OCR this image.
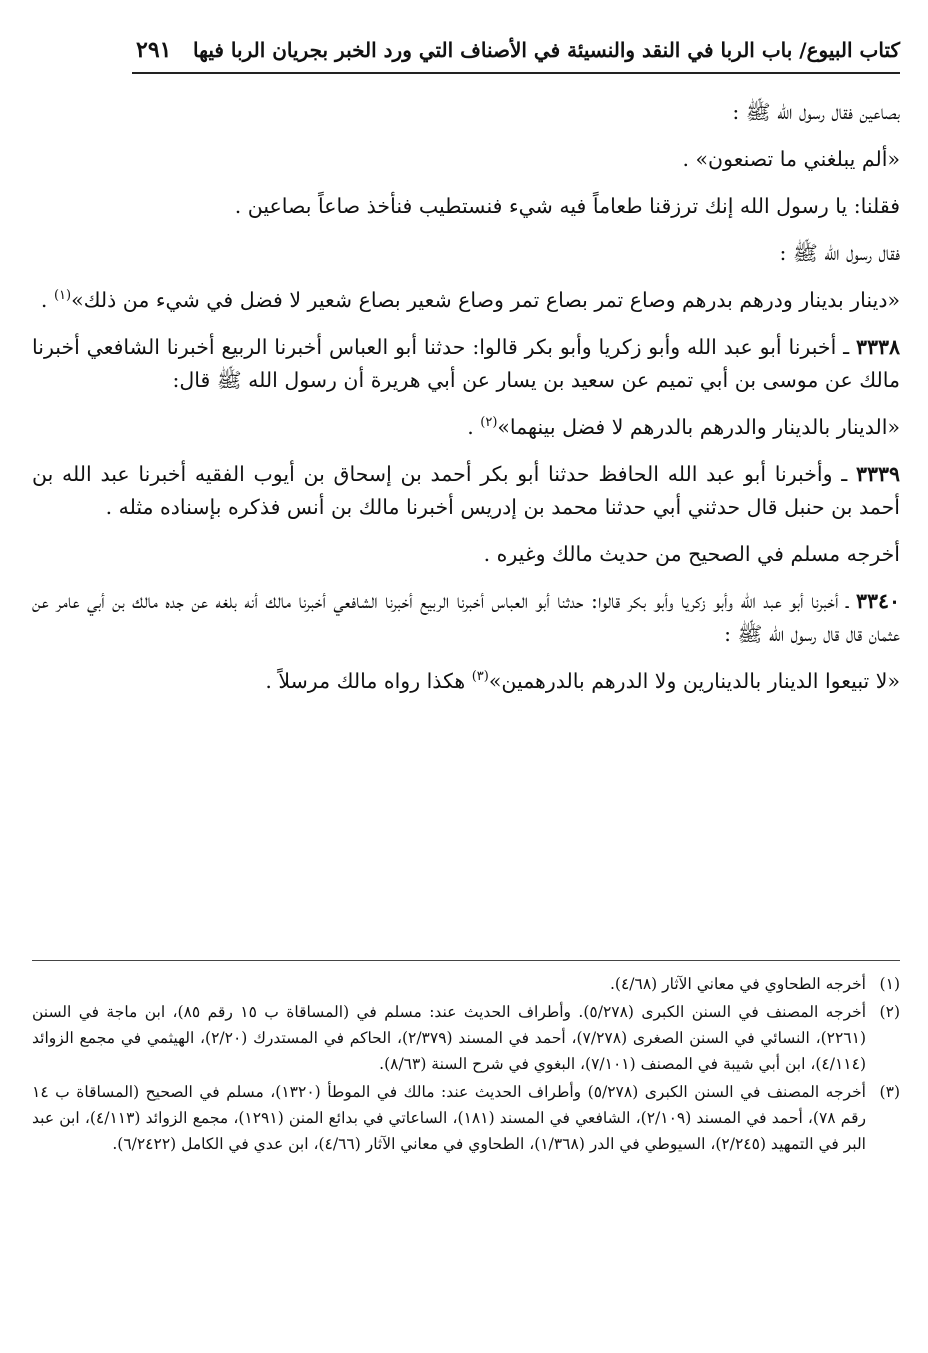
كتاب البيوع/ باب الربا في النقد والنسيئة في الأصناف التي ورد الخبر بجريان الربا فيها
٢٩١

بصاعين فقال رسول الله ﷺ :

«ألم يبلغني ما تصنعون» .

فقلنا: يا رسول الله إنك ترزقنا طعاماً فيه شيء فنستطيب فنأخذ صاعاً بصاعين .

فقال رسول الله ﷺ :

«دينار بدينار ودرهم بدرهم وصاع تمر بصاع تمر وصاع شعير بصاع شعير لا فضل في شيء من ذلك»$^{(١)}$ .

٣٣٣٨ ـ أخبرنا أبو عبد الله وأبو زكريا وأبو بكر قالوا: حدثنا أبو العباس أخبرنا الربيع أخبرنا الشافعي أخبرنا مالك عن موسى بن أبي تميم عن سعيد بن يسار عن أبي هريرة أن رسول الله ﷺ قال:

«الدينار بالدينار والدرهم بالدرهم لا فضل بينهما»$^{(٢)}$ .

٣٣٣٩ ـ وأخبرنا أبو عبد الله الحافظ حدثنا أبو بكر أحمد بن إسحاق بن أيوب الفقيه أخبرنا عبد الله بن أحمد بن حنبل قال حدثني أبي حدثنا محمد بن إدريس أخبرنا مالك بن أنس فذكره بإسناده مثله .

أخرجه مسلم في الصحيح من حديث مالك وغيره .

٣٣٤٠ ـ أخبرنا أبو عبد الله وأبو زكريا وأبو بكر قالوا: حدثنا أبو العباس أخبرنا الربيع أخبرنا الشافعي أخبرنا مالك أنه بلغه عن جده مالك بن أبي عامر عن عثمان قال قال رسول الله ﷺ :

«لا تبيعوا الدينار بالدينارين ولا الدرهم بالدرهمين»$^{(٣)}$ هكذا رواه مالك مرسلاً .

(١)
أخرجه الطحاوي في معاني الآثار (٤/٦٨).
(٢)
أخرجه المصنف في السنن الكبرى (٥/٢٧٨). وأطراف الحديث عند: مسلم في (المساقاة ب ١٥ رقم ٨٥)، ابن ماجة في السنن (٢٢٦١)، النسائي في السنن الصغرى (٧/٢٧٨)، أحمد في المسند (٢/٣٧٩)، الحاكم في المستدرك (٢/٢٠)، الهيثمي في مجمع الزوائد (٤/١١٤)، ابن أبي شيبة في المصنف (٧/١٠١)، البغوي في شرح السنة (٨/٦٣).
(٣)
أخرجه المصنف في السنن الكبرى (٥/٢٧٨) وأطراف الحديث عند: مالك في الموطأ (١٣٢٠)، مسلم في الصحيح (المساقاة ب ١٤ رقم ٧٨)، أحمد في المسند (٢/١٠٩)، الشافعي في المسند (١٨١)، الساعاتي في بدائع المنن (١٢٩١)، مجمع الزوائد (٤/١١٣)، ابن عبد البر في التمهيد (٢/٢٤٥)، السيوطي في الدر (١/٣٦٨)، الطحاوي في معاني الآثار (٤/٦٦)، ابن عدي في الكامل (٦/٢٤٢٢).
